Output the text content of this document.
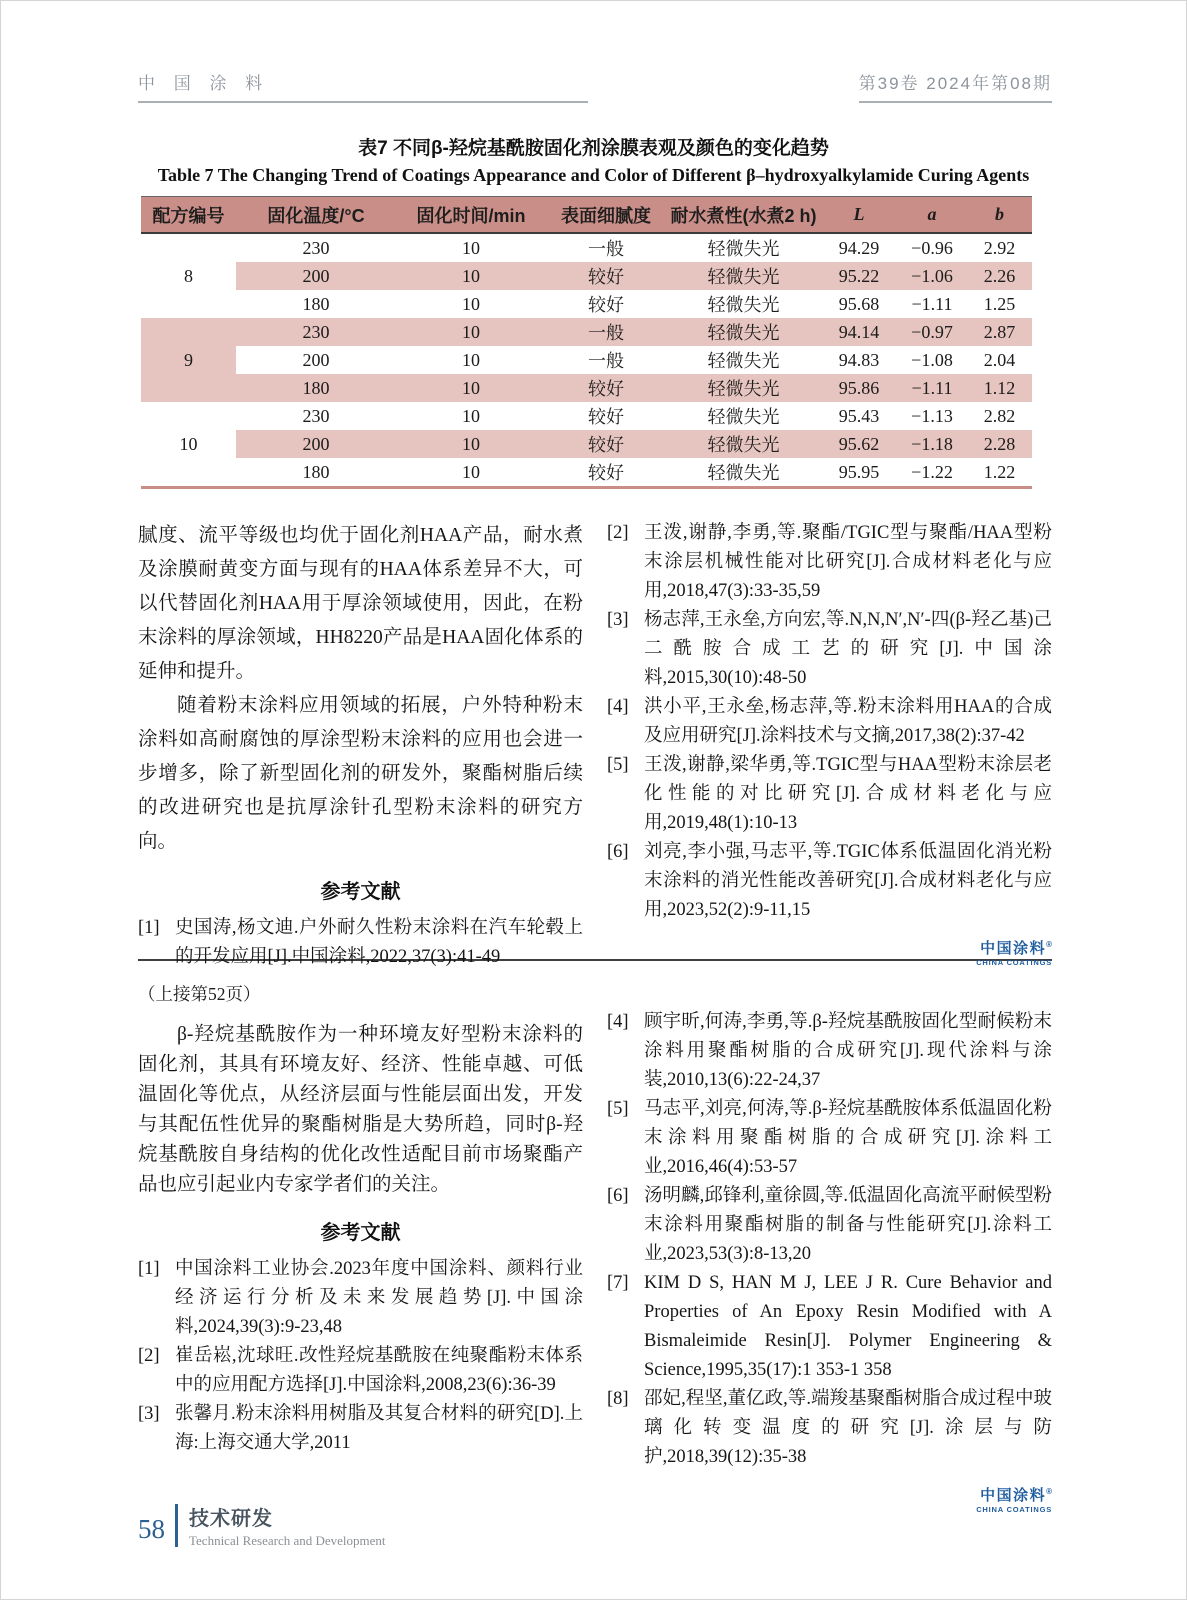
中 国 涂 料	第39卷 2024年第08期
表7 不同β-羟烷基酰胺固化剂涂膜表观及颜色的变化趋势
Table 7 The Changing Trend of Coatings Appearance and Color of Different β–hydroxyalkylamide Curing Agents
配方编号	固化温度/°C	固化时间/min	表面细腻度	耐水煮性(水煮2 h)	L	a	b
8	230	10	一般	轻微失光	94.29	−0.96	2.92
	200	10	较好	轻微失光	95.22	−1.06	2.26
	180	10	较好	轻微失光	95.68	−1.11	1.25
9	230	10	一般	轻微失光	94.14	−0.97	2.87
	200	10	一般	轻微失光	94.83	−1.08	2.04
	180	10	较好	轻微失光	95.86	−1.11	1.12
10	230	10	较好	轻微失光	95.43	−1.13	2.82
	200	10	较好	轻微失光	95.62	−1.18	2.28
	180	10	较好	轻微失光	95.95	−1.22	1.22

腻度、流平等级也均优于固化剂HAA产品，耐水煮及涂膜耐黄变方面与现有的HAA体系差异不大，可以代替固化剂HAA用于厚涂领域使用，因此，在粉末涂料的厚涂领域，HH8220产品是HAA固化体系的延伸和提升。

随着粉末涂料应用领域的拓展，户外特种粉末涂料如高耐腐蚀的厚涂型粉末涂料的应用也会进一步增多，除了新型固化剂的研发外，聚酯树脂后续的改进研究也是抗厚涂针孔型粉末涂料的研究方向。

参考文献
[1] 史国涛,杨文迪.户外耐久性粉末涂料在汽车轮毂上的开发应用[J].中国涂料,2022,37(3):41-49
[2] 王泼,谢静,李勇,等.聚酯/TGIC型与聚酯/HAA型粉末涂层机械性能对比研究[J].合成材料老化与应用,2018,47(3):33-35,59
[3] 杨志萍,王永垒,方向宏,等.N,N,N′,N′-四(β-羟乙基)己二酰胺合成工艺的研究[J].中国涂料,2015,30(10):48-50
[4] 洪小平,王永垒,杨志萍,等.粉末涂料用HAA的合成及应用研究[J].涂料技术与文摘,2017,38(2):37-42
[5] 王泼,谢静,梁华勇,等.TGIC型与HAA型粉末涂层老化性能的对比研究[J].合成材料老化与应用,2019,48(1):10-13
[6] 刘亮,李小强,马志平,等.TGIC体系低温固化消光粉末涂料的消光性能改善研究[J].合成材料老化与应用,2023,52(2):9-11,15
中国涂料®
CHINA COATINGS
（上接第52页）

β-羟烷基酰胺作为一种环境友好型粉末涂料的固化剂，其具有环境友好、经济、性能卓越、可低温固化等优点，从经济层面与性能层面出发，开发与其配伍性优异的聚酯树脂是大势所趋，同时β-羟烷基酰胺自身结构的优化改性适配目前市场聚酯产品也应引起业内专家学者们的关注。

参考文献
[1] 中国涂料工业协会.2023年度中国涂料、颜料行业经济运行分析及未来发展趋势[J].中国涂料,2024,39(3):9-23,48
[2] 崔岳崧,沈球旺.改性羟烷基酰胺在纯聚酯粉末体系中的应用配方选择[J].中国涂料,2008,23(6):36-39
[3] 张馨月.粉末涂料用树脂及其复合材料的研究[D].上海:上海交通大学,2011
[4] 顾宇昕,何涛,李勇,等.β-羟烷基酰胺固化型耐候粉末涂料用聚酯树脂的合成研究[J].现代涂料与涂装,2010,13(6):22-24,37
[5] 马志平,刘亮,何涛,等.β-羟烷基酰胺体系低温固化粉末涂料用聚酯树脂的合成研究[J].涂料工业,2016,46(4):53-57
[6] 汤明麟,邱锋利,童徐圆,等.低温固化高流平耐候型粉末涂料用聚酯树脂的制备与性能研究[J].涂料工业,2023,53(3):8-13,20
[7] KIM D S, HAN M J, LEE J R. Cure Behavior and Properties of An Epoxy Resin Modified with A Bismaleimide Resin[J]. Polymer Engineering & Science,1995,35(17):1 353-1 358
[8] 邵妃,程坚,董亿政,等.端羧基聚酯树脂合成过程中玻璃化转变温度的研究[J].涂层与防护,2018,39(12):35-38
中国涂料®
CHINA COATINGS
58 技术研发
Technical Research and Development
